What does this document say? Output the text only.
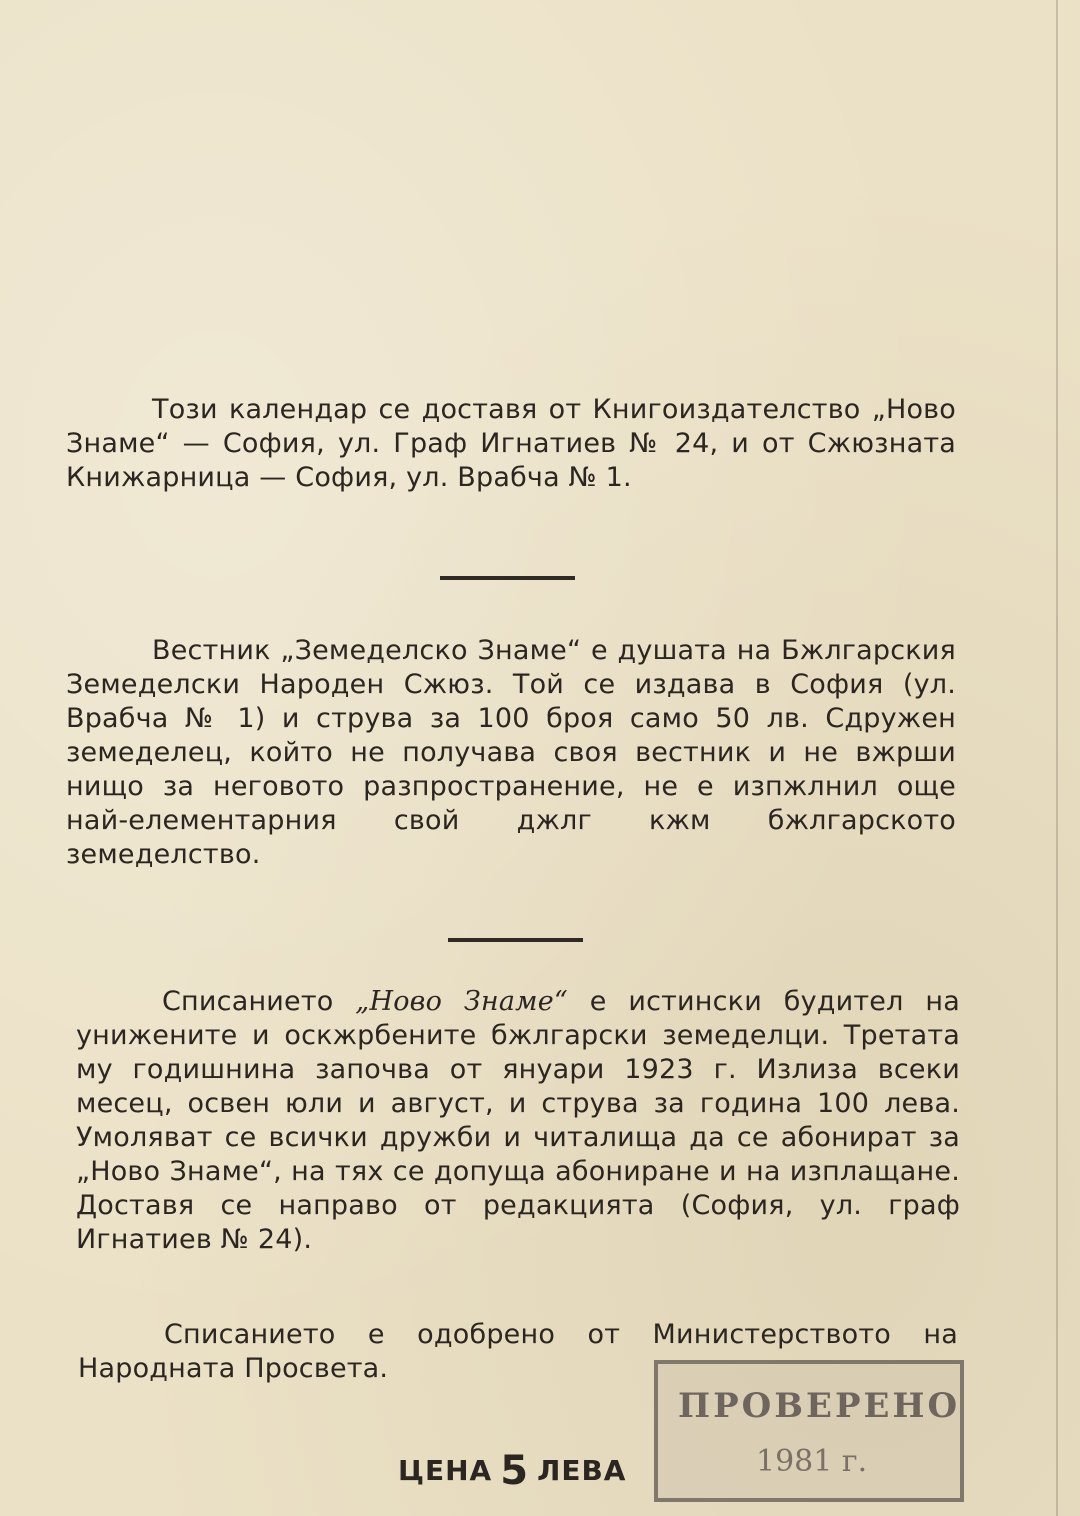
Този календар се доставя от Книгоиздателство „Ново Знаме“ — София, ул. Граф Игнатиев № 24, и от Сжюзната Книжарница — София, ул. Врабча № 1.
Вестник „Земеделско Знаме“ е душата на Бжлгарския Земеделски Народен Сжюз. Той се издава в София (ул. Врабча № 1) и струва за 100 броя само 50 лв. Сдружен земеделец, който не получава своя вестник и не вжрши нищо за неговото разпространение, не е изпжлнил още най-елементарния свой джлг кжм бжлгарското земеделство.
Списанието „Ново Знаме“ е истински будител на унижените и оскжрбените бжлгарски земеделци. Третата му годишнина започва от януари 1923 г. Излиза всеки месец, освен юли и август, и струва за година 100 лева. Умоляват се всички дружби и читалища да се абонират за „Ново Знаме“, на тях се допуща абониране и на изплащане. Доставя се направо от редакцията (София, ул. граф Игнатиев № 24).
Списанието е одобрено от Министерството на Народната Просвета.
ЦЕНА 5 ЛЕВА
ПРОВЕРЕНО
1981 г.
